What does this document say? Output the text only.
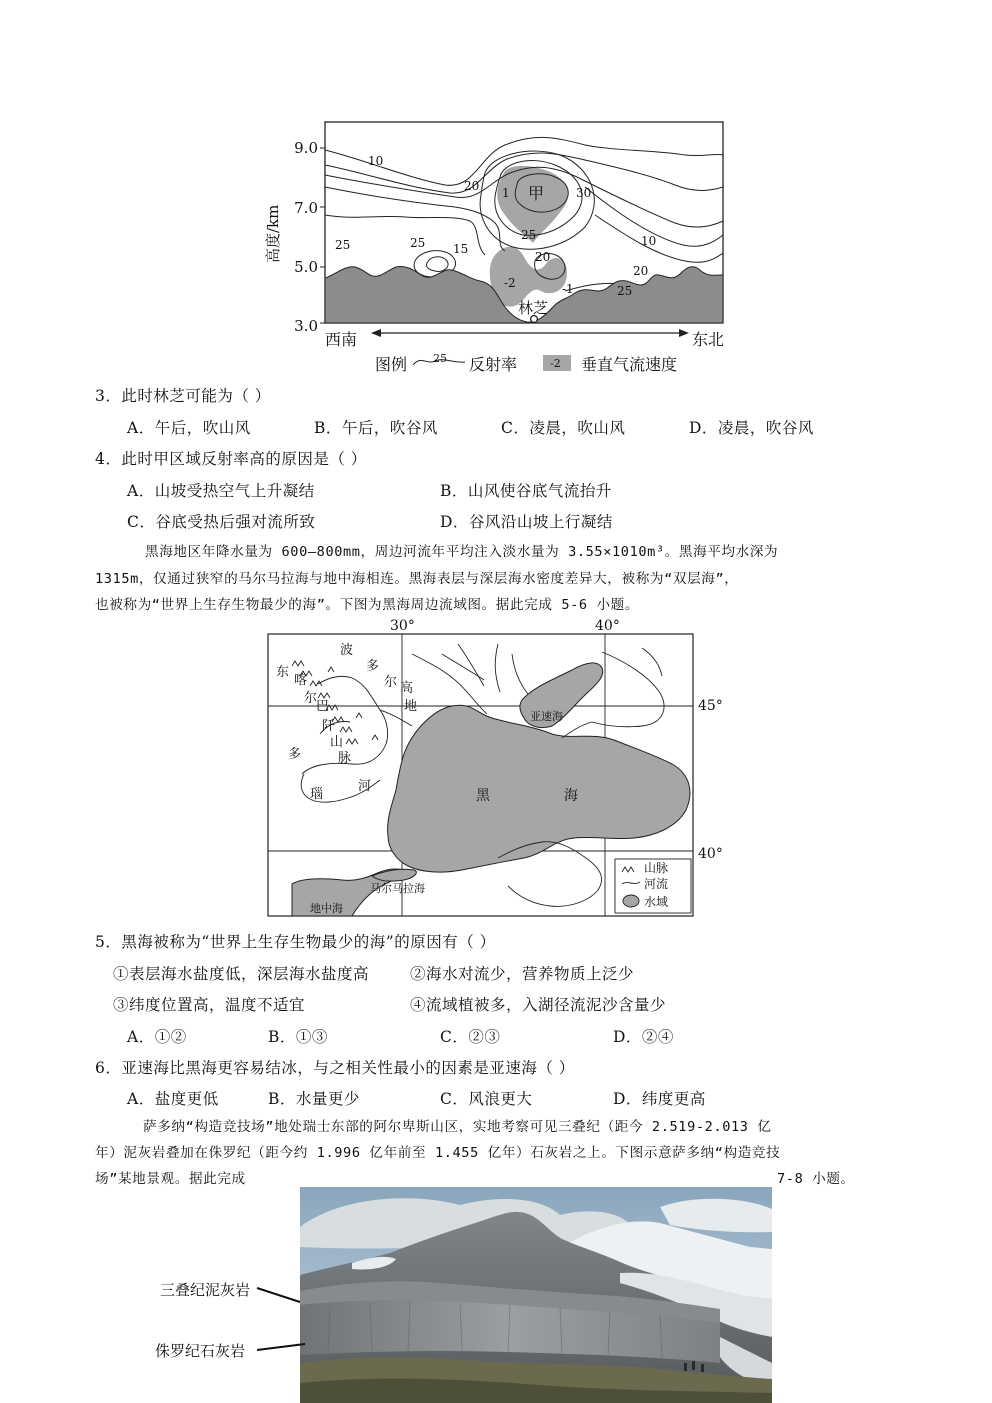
9.0
7.0
5.0
3.0
高度/km
10
20 1 甲	30
25
25
25	15
20
10
20
-2	-1	25
林芝
西南	东北
图例 25 反射率	-2 垂直气流速度
3．此时林芝可能为（ ）
A．午后，吹山风	B．午后，吹谷风	C．凌晨，吹山风	D．凌晨，吹谷风
4．此时甲区域反射率高的原因是（ ）
A．山坡受热空气上升凝结	B．山风使谷底气流抬升
C．谷底受热后强对流所致	D．谷风沿山坡上行凝结
黑海地区年降水量为 600—800mm，周边河流年平均注入淡水量为 3.55×1010m³。黑海平均水深为
1315m，仅通过狭窄的马尔马拉海与地中海相连。黑海表层与深层海水密度差异大，被称为“双层海”，
也被称为“世界上生存生物最少的海”。下图为黑海周边流域图。据此完成 5-6 小题。
30°	40°
45°
40°
波
多
尔 高
地
东
喀
尔
巴
阡
山
脉
多
瑙
河
亚速海
黑	海
地中海
马尔马拉海
山脉
河流
水域
5．黑海被称为“世界上生存生物最少的海”的原因有（ ）
①表层海水盐度低，深层海水盐度高	②海水对流少，营养物质上泛少
③纬度位置高，温度不适宜	④流域植被多，入湖径流泥沙含量少
A．①②	B．①③	C．②③	D．②④
6．亚速海比黑海更容易结冰，与之相关性最小的因素是亚速海（ ）
A．盐度更低	B．水量更少	C．风浪更大	D．纬度更高
萨多纳“构造竞技场”地处瑞士东部的阿尔卑斯山区，实地考察可见三叠纪（距今 2.519-2.013 亿
年）泥灰岩叠加在侏罗纪（距今约 1.996 亿年前至 1.455 亿年）石灰岩之上。下图示意萨多纳“构造竞技
场”某地景观。据此完成	7-8 小题。
三叠纪泥灰岩
侏罗纪石灰岩
